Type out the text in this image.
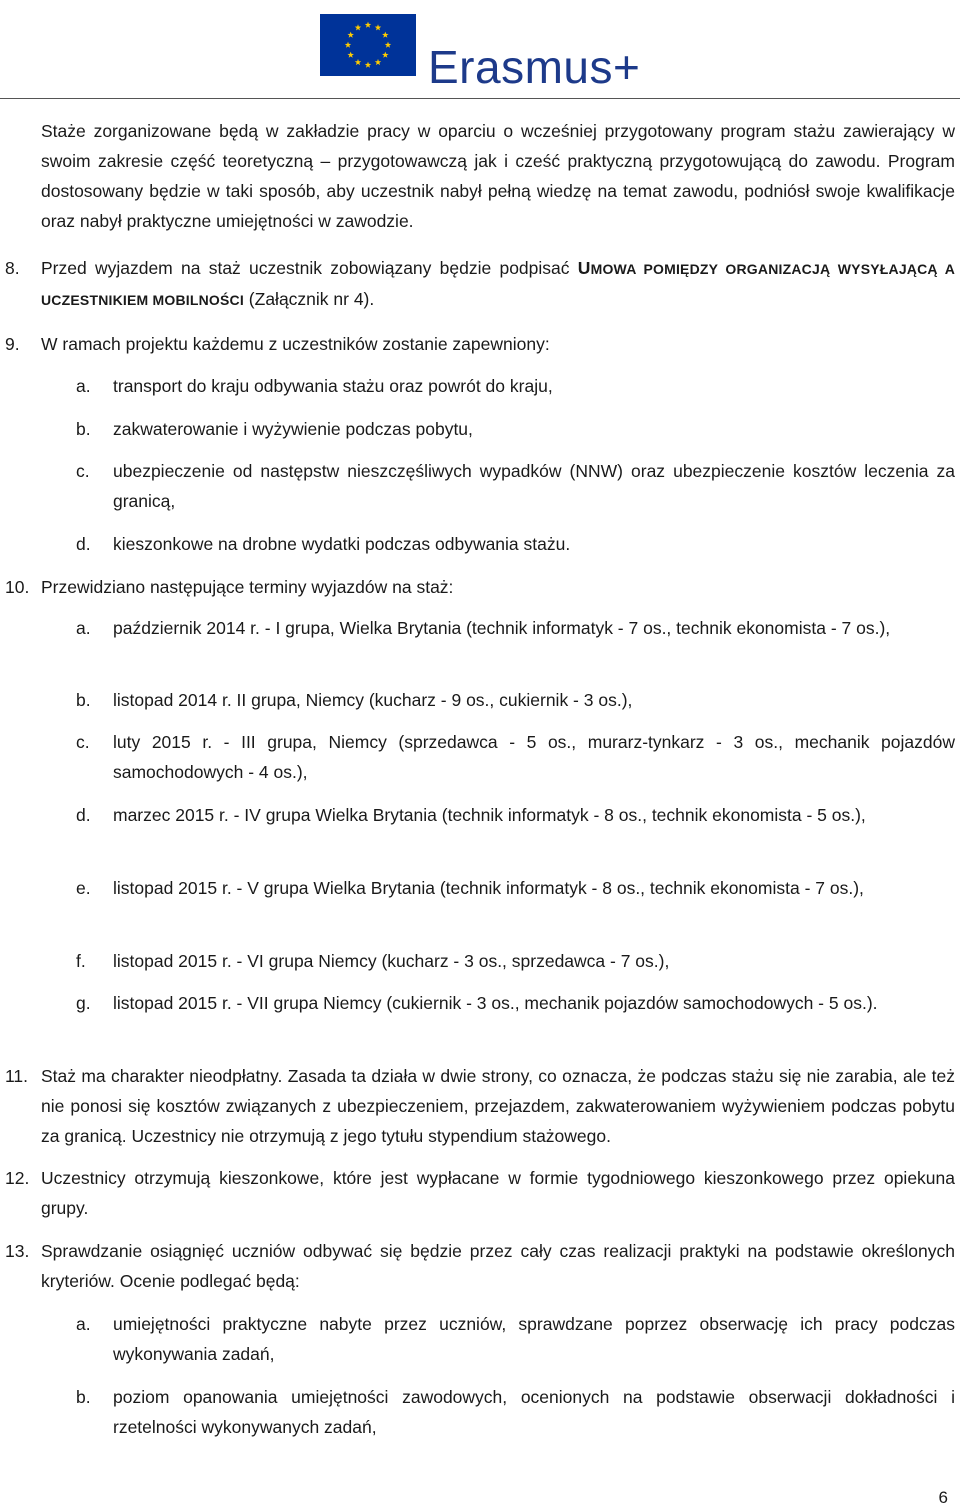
Erasmus+
Staże zorganizowane będą w zakładzie pracy w oparciu o wcześniej przygotowany program stażu zawierający w swoim zakresie część teoretyczną – przygotowawczą jak i cześć praktyczną przygotowującą do zawodu. Program dostosowany będzie w taki sposób, aby uczestnik nabył pełną wiedzę na temat zawodu, podniósł swoje kwalifikacje oraz nabył praktyczne umiejętności w zawodzie.
8. Przed wyjazdem na staż uczestnik zobowiązany będzie podpisać UMOWA POMIĘDZY ORGANIZACJĄ WYSYŁAJĄCĄ A UCZESTNIKIEM MOBILNOŚCI (Załącznik nr 4).
9. W ramach projektu każdemu z uczestników zostanie zapewniony:
a. transport do kraju odbywania stażu oraz powrót do kraju,
b. zakwaterowanie i wyżywienie podczas pobytu,
c. ubezpieczenie od następstw nieszczęśliwych wypadków (NNW) oraz ubezpieczenie kosztów leczenia za granicą,
d. kieszonkowe na drobne wydatki podczas odbywania stażu.
10. Przewidziano następujące terminy wyjazdów na staż:
a. październik 2014 r. - I grupa, Wielka Brytania (technik informatyk - 7 os., technik ekonomista - 7 os.),
b. listopad 2014 r. II grupa, Niemcy (kucharz - 9 os., cukiernik - 3 os.),
c. luty 2015 r. - III grupa, Niemcy (sprzedawca - 5 os., murarz-tynkarz - 3 os., mechanik pojazdów samochodowych - 4 os.),
d. marzec 2015 r. - IV grupa Wielka Brytania (technik informatyk - 8 os., technik ekonomista - 5 os.),
e. listopad 2015 r. - V grupa Wielka Brytania (technik informatyk - 8 os., technik ekonomista - 7 os.),
f. listopad 2015 r. - VI grupa Niemcy (kucharz - 3 os., sprzedawca - 7 os.),
g. listopad 2015 r. - VII grupa Niemcy (cukiernik - 3 os., mechanik pojazdów samochodowych - 5 os.).
11. Staż ma charakter nieodpłatny. Zasada ta działa w dwie strony, co oznacza, że podczas stażu się nie zarabia, ale też nie ponosi się kosztów związanych z ubezpieczeniem, przejazdem, zakwaterowaniem wyżywieniem podczas pobytu za granicą. Uczestnicy nie otrzymują z jego tytułu stypendium stażowego.
12. Uczestnicy otrzymują kieszonkowe, które jest wypłacane w formie tygodniowego kieszonkowego przez opiekuna grupy.
13. Sprawdzanie osiągnięć uczniów odbywać się będzie przez cały czas realizacji praktyki na podstawie określonych kryteriów. Ocenie podlegać będą:
a. umiejętności praktyczne nabyte przez uczniów, sprawdzane poprzez obserwację ich pracy podczas wykonywania zadań,
b. poziom opanowania umiejętności zawodowych, ocenionych na podstawie obserwacji dokładności i rzetelności wykonywanych zadań,
6
